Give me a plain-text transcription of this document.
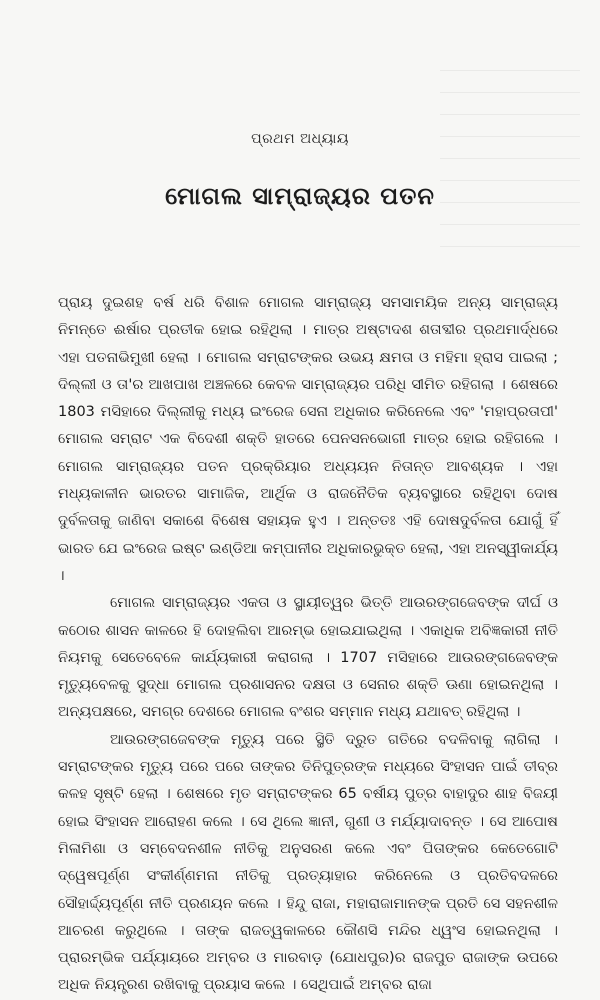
ପ୍ରଥମ ଅଧ୍ୟାୟ
ମୋଗଲ ସାମ୍ରାଜ୍ୟର ପତନ

ପ୍ରାୟ ଦୁଇଶହ ବର୍ଷ ଧରି ବିଶାଳ ମୋଗଲ ସାମ୍ରାଜ୍ୟ ସମସାମୟିକ ଅନ୍ୟ ସାମ୍ରାଜ୍ୟ ନିମନ୍ତେ ଈର୍ଷାର ପ୍ରତୀକ ହୋଇ ରହିଥିଲା । ମାତ୍ର ଅଷ୍ଟାଦଶ ଶତାବ୍ଦୀର ପ୍ରଥମାର୍ଦ୍ଧରେ ଏହା ପତନାଭିମୁଖୀ ହେଲା । ମୋଗଲ ସମ୍ରାଟଙ୍କର ଉଭୟ କ୍ଷମତା ଓ ମହିମା ହ୍ରାସ ପାଇଲା ; ଦିଲ୍ଲୀ ଓ ତା'ର ଆଖପାଖ ଅଞ୍ଚଳରେ କେବଳ ସାମ୍ରାଜ୍ୟର ପରିଧି ସୀମିତ ରହିଗଲା । ଶେଷରେ 1803 ମସିହାରେ ଦିଲ୍ଲୀକୁ ମଧ୍ୟ ଇଂରେଜ ସେନା ଅଧିକାର କରିନେଲେ ଏବଂ 'ମହାପ୍ରତାପୀ' ମୋଗଲ ସମ୍ରାଟ ଏକ ବିଦେଶୀ ଶକ୍ତି ହାତରେ ପେନସନଭୋଗୀ ମାତ୍ର ହୋଇ ରହିଗଲେ । ମୋଗଲ ସାମ୍ରାଜ୍ୟର ପତନ ପ୍ରକ୍ରିୟାର ଅଧ୍ୟୟନ ନିତାନ୍ତ ଆବଶ୍ୟକ । ଏହା ମଧ୍ୟକାଳୀନ ଭାରତର ସାମାଜିକ, ଆର୍ଥିକ ଓ ରାଜନୈତିକ ବ୍ୟବସ୍ଥାରେ ରହିଥିବା ଦୋଷ ଦୁର୍ବଳତାକୁ ଜାଣିବା ସକାଶେ ବିଶେଷ ସହାୟକ ହୁଏ । ଅନ୍ତତଃ ଏହି ଦୋଷଦୁର୍ବଳତା ଯୋଗୁଁ ହିଁ ଭାରତ ଯେ ଇଂରେଜ ଇଷ୍ଟ ଇଣ୍ଡିଆ କମ୍ପାନୀର ଅଧିକାରଭୁକ୍ତ ହେଲା, ଏହା ଅନସ୍ୱୀକାର୍ଯ୍ୟ ।

ମୋଗଲ ସାମ୍ରାଜ୍ୟର ଏକତା ଓ ସ୍ଥାୟୀତ୍ୱର ଭିତ୍ତି ଆଉରଙ୍ଗଜେବଙ୍କ ଦୀର୍ଘ ଓ କଠୋର ଶାସନ କାଳରେ ହି ଦୋହଲିବା ଆରମ୍ଭ ହୋଇଯାଇଥିଲା । ଏକାଧିକ ଅବିଜ୍ଞକାରୀ ନୀତି ନିୟମକୁ ସେତେବେଳେ କାର୍ଯ୍ୟକାରୀ କରାଗଲା । 1707 ମସିହାରେ ଆଉରଙ୍ଗଜେବଙ୍କ ମୃତ୍ୟୁବେଳକୁ ସୁଦ୍ଧା ମୋଗଲ ପ୍ରଶାସନର ଦକ୍ଷତା ଓ ସେନାର ଶକ୍ତି ଊଣା ହୋଇନଥିଲା । ଅନ୍ୟପକ୍ଷରେ, ସମଗ୍ର ଦେଶରେ ମୋଗଲ ବଂଶର ସମ୍ମାନ ମଧ୍ୟ ଯଥାବତ୍ ରହିଥିଲା ।

ଆଉରଙ୍ଗଜେବଙ୍କ ମୃତ୍ୟୁ ପରେ ସ୍ଥିତି ଦ୍ରୁତ ଗତିରେ ବଦଳିବାକୁ ଲାଗିଲା । ସମ୍ରାଟଙ୍କର ମୃତ୍ୟୁ ପରେ ପରେ ତାଙ୍କର ତିନିପୁତ୍ରଙ୍କ ମଧ୍ୟରେ ସିଂହାସନ ପାଇଁ ତୀବ୍ର କଳହ ସୃଷ୍ଟି ହେଲା । ଶେଷରେ ମୃତ ସମ୍ରାଟଙ୍କର 65 ବର୍ଷୀୟ ପୁତ୍ର ବାହାଦୁର ଶାହ ବିଜୟୀ ହୋଇ ସିଂହାସନ ଆରୋହଣ କଲେ । ସେ ଥିଲେ ଜ୍ଞାନୀ, ଗୁଣୀ ଓ ମର୍ଯ୍ୟାଦାବନ୍ତ । ସେ ଆପୋଷ ମିଳାମିଶା ଓ ସମ୍ବେଦନଶୀଳ ନୀତିକୁ ଅନୁସରଣ କଲେ ଏବଂ ପିତାଙ୍କର କେତେଗୋଟି ଦ୍ୱେଷପୂର୍ଣ୍ଣ ସଂକୀର୍ଣ୍ଣମନା ନୀତିକୁ ପ୍ରତ୍ୟାହାର କରିନେଲେ ଓ ପ୍ରତିବଦଳରେ ସୌହାର୍ଦ୍ଦ୍ୟପୂର୍ଣ୍ଣ ନୀତି ପ୍ରଣୟନ କଲେ । ହିନ୍ଦୁ ରାଜା, ମହାରାଜାମାନଙ୍କ ପ୍ରତି ସେ ସହନଶୀଳ ଆଚରଣ କରୁଥିଲେ । ତାଙ୍କ ରାଜତ୍ୱକାଳରେ କୌଣସି ମନ୍ଦିର ଧ୍ୱଂସ ହୋଇନଥିଲା । ପ୍ରାରମ୍ଭିକ ପର୍ଯ୍ୟାୟରେ ଅମ୍ବର ଓ ମାରବାଡ଼ (ଯୋଧପୁର)ର ରାଜପୁତ ରାଜାଙ୍କ ଉପରେ ଅଧିକ ନିୟନ୍ତ୍ରଣ ରଖିବାକୁ ପ୍ରୟାସ କଲେ । ସେଥିପାଇଁ ଅମ୍ବର ରାଜା
